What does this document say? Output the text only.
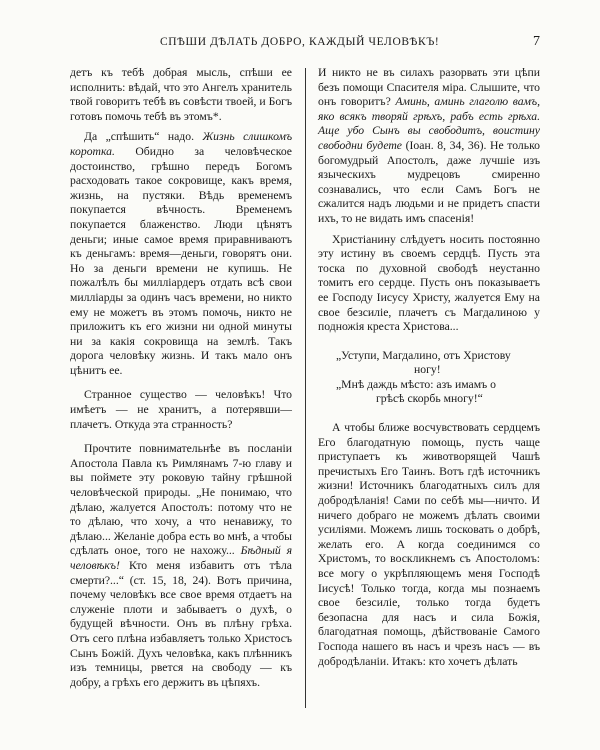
СПѢШИ ДѢЛАТЬ ДОБРО, КАЖДЫЙ ЧЕЛОВѢКЪ!	7

детъ къ тебѣ добрая мысль, спѣши ее исполнить: вѣдай, что это Ангелъ хранитель твой говоритъ тебѣ въ совѣсти твоей, и Богъ готовъ помочь тебѣ въ этомъ*.

Да „спѣшить“ надо. Жизнь слишкомъ коротка. Обидно за человѣческое достоинство, грѣшно передъ Богомъ расходовать такое сокровище, какъ время, жизнь, на пустяки. Вѣдь временемъ покупается вѣчность. Временемъ покупается блаженство. Люди цѣнятъ деньги; иные самое время приравниваютъ къ деньгамъ: время—деньги, говорятъ они. Но за деньги времени не купишь. Не пожалѣлъ бы милліардеръ отдать всѣ свои милліарды за одинъ часъ времени, но никто ему не можетъ въ этомъ помочь, никто не приложитъ къ его жизни ни одной минуты ни за какія сокровища на землѣ. Такъ дорога человѣку жизнь. И такъ мало онъ цѣнитъ ее.

Странное существо — человѣкъ! Что имѣетъ — не хранитъ, а потерявши—плачетъ. Откуда эта странность?

Прочтите повнимательнѣе въ посланіи Апостола Павла къ Римлянамъ 7-ю главу и вы поймете эту роковую тайну грѣшной человѣческой природы. „Не понимаю, что дѣлаю, жалуется Апостолъ: потому что не то дѣлаю, что хочу, а что ненавижу, то дѣлаю... Желаніе добра есть во мнѣ, а чтобы сдѣлать оное, того не нахожу... Бѣдный я человѣкъ! Кто меня избавитъ отъ тѣла смерти?...“ (ст. 15, 18, 24). Вотъ причина, почему человѣкъ все свое время отдаетъ на служеніе плоти и забываетъ о духѣ, о будущей вѣчности. Онъ въ плѣну грѣха. Отъ сего плѣна избавляетъ только Христосъ Сынъ Божій. Духъ человѣка, какъ плѣнникъ изъ темницы, рвется на свободу — къ добру, а грѣхъ его держитъ въ цѣпяхъ.

И никто не въ силахъ разорвать эти цѣпи безъ помощи Спасителя міра. Слышите, что онъ говоритъ? Аминь, аминь глаголю вамъ, яко всякъ творяй грѣхъ, рабъ есть грѣха. Аще убо Сынъ вы свободитъ, воистину свободни будете (Іоан. 8, 34, 36). Не только богомудрый Апостолъ, даже лучшіе изъ языческихъ мудрецовъ смиренно сознавались, что если Самъ Богъ не сжалится надъ людьми и не придетъ спасти ихъ, то не видать имъ спасенія!

Христіанину слѣдуетъ носить постоянно эту истину въ своемъ сердцѣ. Пусть эта тоска по духовной свободѣ неустанно томитъ его сердце. Пусть онъ показываетъ ее Господу Іисусу Христу, жалуется Ему на свое безсиліе, плачетъ съ Магдалиною у подножія креста Христова...

„Уступи, Магдалино, отъ Христову
ногу!
„Мнѣ даждь мѣсто: азъ имамъ о
грѣсѣ скорбь многу!“

А чтобы ближе восчувствовать сердцемъ Его благодатную помощь, пусть чаще приступаетъ къ животворящей Чашѣ пречистыхъ Его Таинъ. Вотъ гдѣ источникъ жизни! Источникъ благодатныхъ силъ для добродѣланія! Сами по себѣ мы—ничто. И ничего добраго не можемъ дѣлать своими усиліями. Можемъ лишь тосковать о добрѣ, желать его. А когда соединимся со Христомъ, то воскликнемъ съ Апостоломъ: все могу о укрѣпляющемъ меня Господѣ Іисусѣ! Только тогда, когда мы познаемъ свое безсиліе, только тогда будетъ безопасна для насъ и сила Божія, благодатная помощь, дѣйствованіе Самого Господа нашего въ насъ и чрезъ насъ — въ добродѣланіи. Итакъ: кто хочетъ дѣлать
